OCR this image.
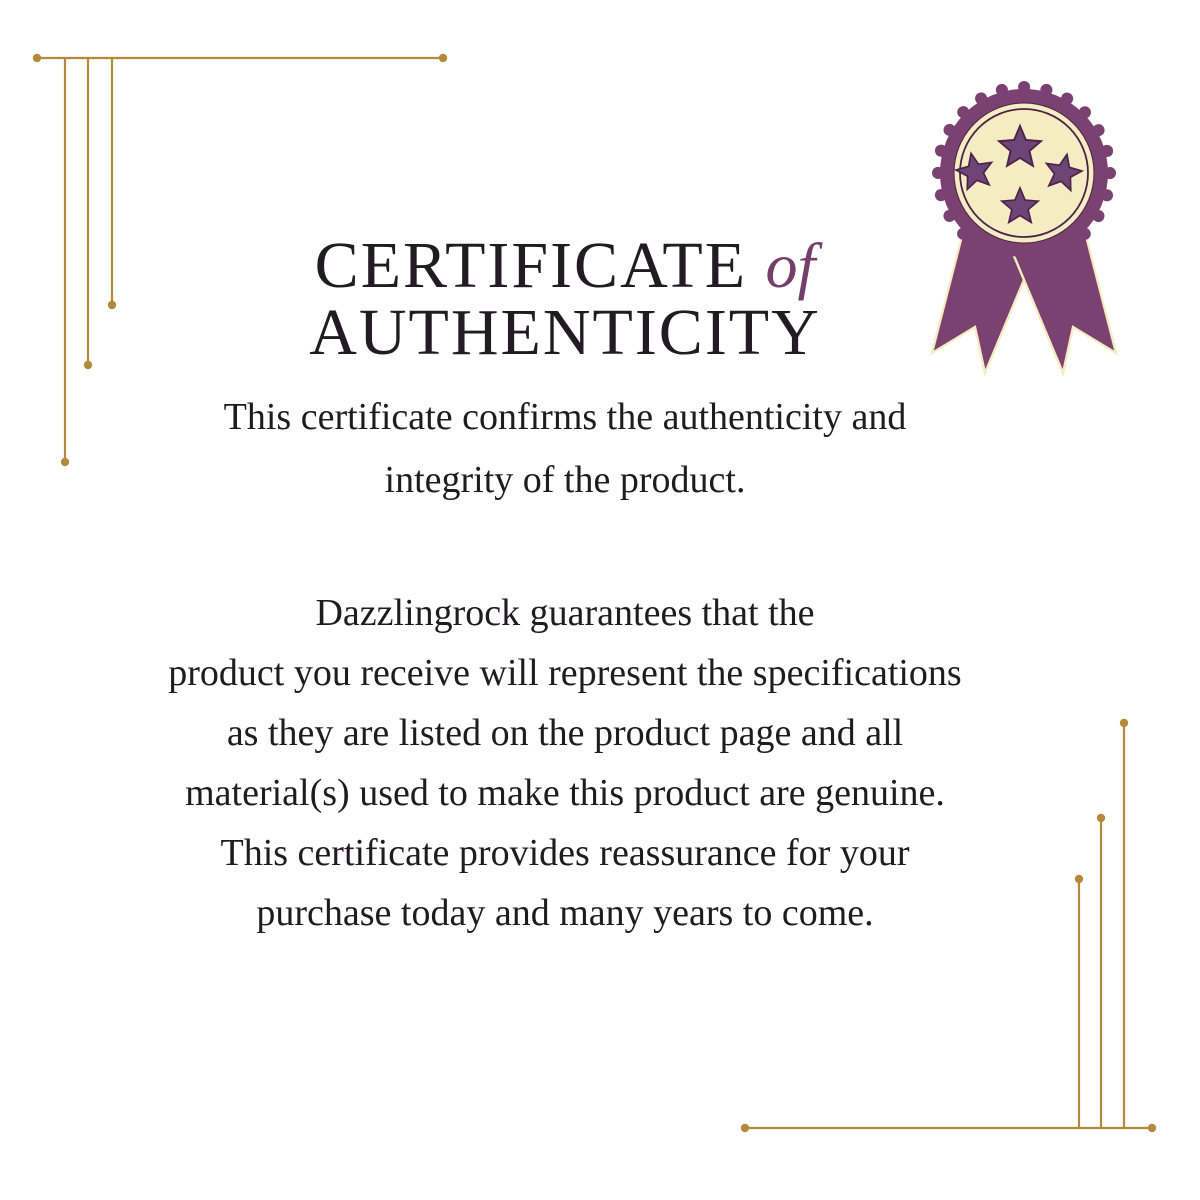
CERTIFICATE of
AUTHENTICITY

This certificate confirms the authenticity and
integrity of the product.

Dazzlingrock guarantees that the
product you receive will represent the specifications
as they are listed on the product page and all
material(s) used to make this product are genuine.
This certificate provides reassurance for your
purchase today and many years to come.
